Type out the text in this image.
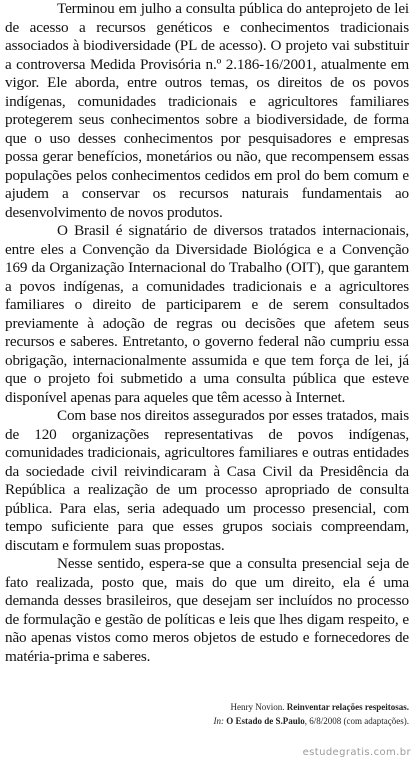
Terminou em julho a consulta pública do anteprojeto de lei de acesso a recursos genéticos e conhecimentos tradicionais associados à biodiversidade (PL de acesso). O projeto vai substituir a controversa Medida Provisória n.º 2.186-16/2001, atualmente em vigor. Ele aborda, entre outros temas, os direitos de os povos indígenas, comunidades tradicionais e agricultores familiares protegerem seus conhecimentos sobre a biodiversidade, de forma que o uso desses conhecimentos por pesquisadores e empresas possa gerar benefícios, monetários ou não, que recompensem essas populações pelos conhecimentos cedidos em prol do bem comum e ajudem a conservar os recursos naturais fundamentais ao desenvolvimento de novos produtos.

O Brasil é signatário de diversos tratados internacionais, entre eles a Convenção da Diversidade Biológica e a Convenção 169 da Organização Internacional do Trabalho (OIT), que garantem a povos indígenas, a comunidades tradicionais e a agricultores familiares o direito de participarem e de serem consultados previamente à adoção de regras ou decisões que afetem seus recursos e saberes. Entretanto, o governo federal não cumpriu essa obrigação, internacionalmente assumida e que tem força de lei, já que o projeto foi submetido a uma consulta pública que esteve disponível apenas para aqueles que têm acesso à Internet.

Com base nos direitos assegurados por esses tratados, mais de 120 organizações representativas de povos indígenas, comunidades tradicionais, agricultores familiares e outras entidades da sociedade civil reivindicaram à Casa Civil da Presidência da República a realização de um processo apropriado de consulta pública. Para elas, seria adequado um processo presencial, com tempo suficiente para que esses grupos sociais compreendam, discutam e formulem suas propostas.

Nesse sentido, espera-se que a consulta presencial seja de fato realizada, posto que, mais do que um direito, ela é uma demanda desses brasileiros, que desejam ser incluídos no processo de formulação e gestão de políticas e leis que lhes digam respeito, e não apenas vistos como meros objetos de estudo e fornecedores de matéria-prima e saberes.

Henry Novion. Reinventar relações respeitosas.
In: O Estado de S.Paulo, 6/8/2008 (com adaptações).
estudegratis.com.br
